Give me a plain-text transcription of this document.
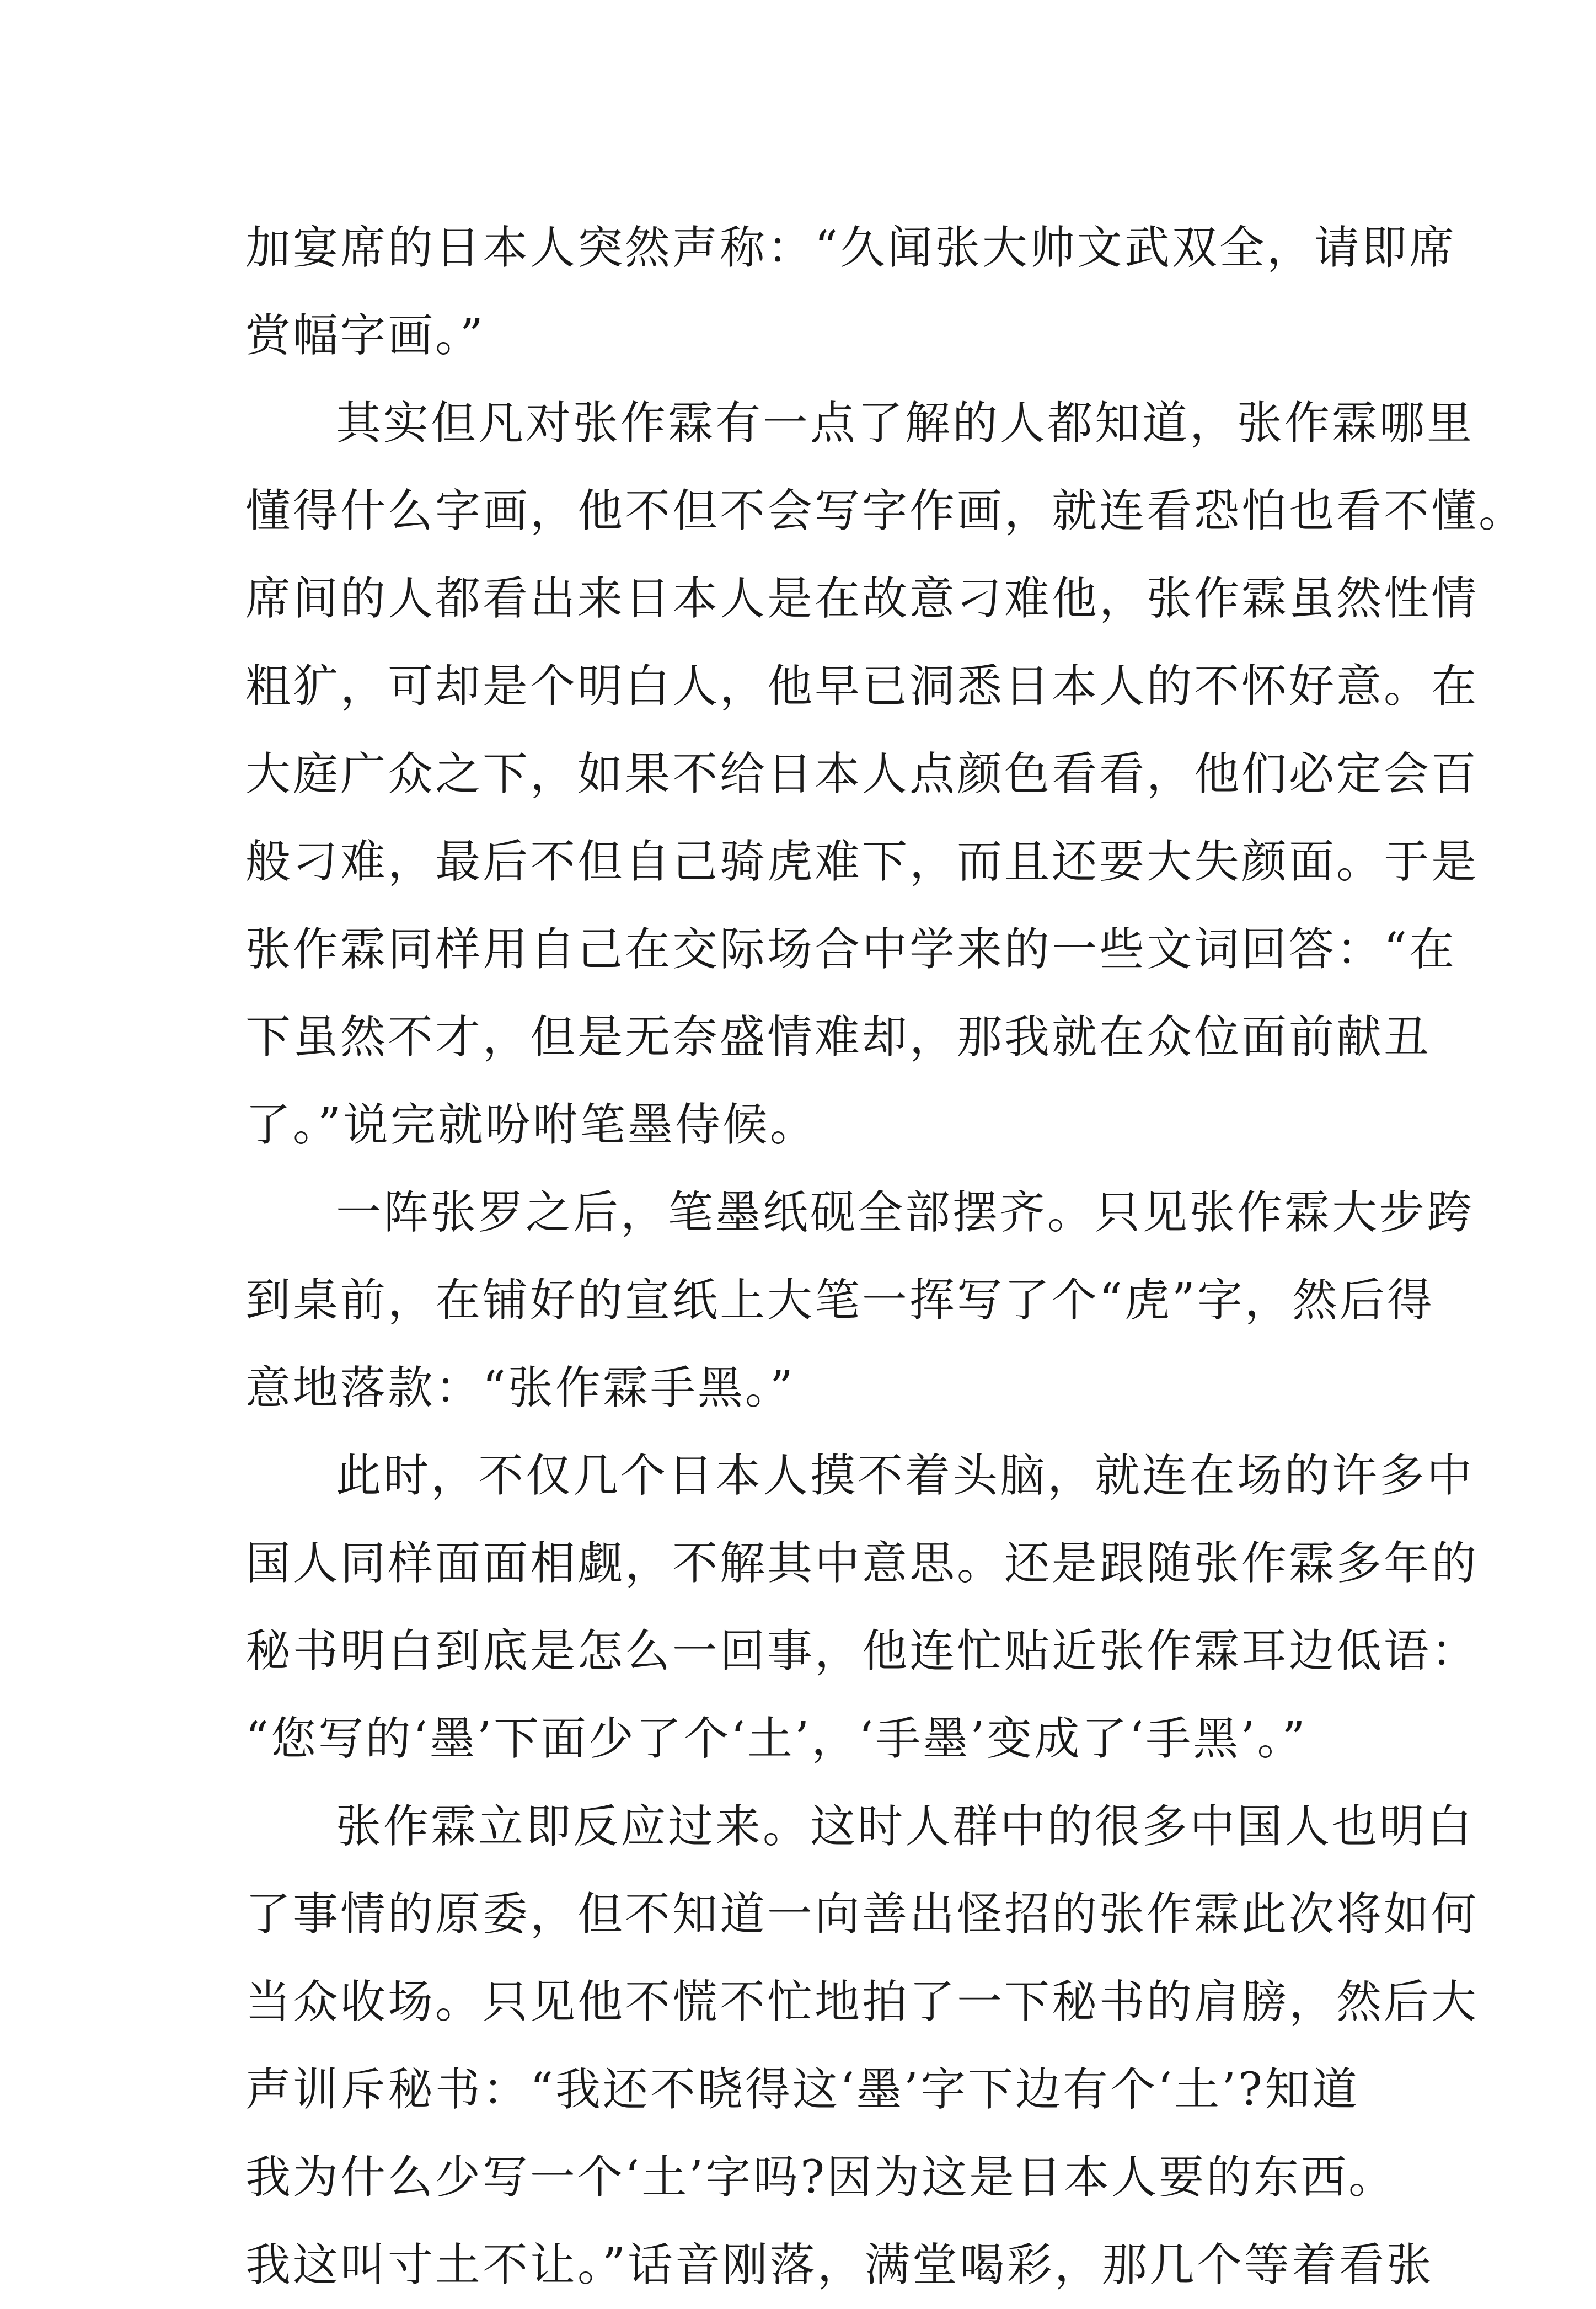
加宴席的日本人突然声称：“久闻张大帅文武双全，请即席
赏幅字画。”
其实但凡对张作霖有一点了解的人都知道，张作霖哪里
懂得什么字画，他不但不会写字作画，就连看恐怕也看不懂。
席间的人都看出来日本人是在故意刁难他，张作霖虽然性情
粗犷，可却是个明白人，他早已洞悉日本人的不怀好意。在
大庭广众之下，如果不给日本人点颜色看看，他们必定会百
般刁难，最后不但自己骑虎难下，而且还要大失颜面。于是
张作霖同样用自己在交际场合中学来的一些文词回答：“在
下虽然不才，但是无奈盛情难却，那我就在众位面前献丑
了。”说完就吩咐笔墨侍候。
一阵张罗之后，笔墨纸砚全部摆齐。只见张作霖大步跨
到桌前，在铺好的宣纸上大笔一挥写了个“虎”字，然后得
意地落款：“张作霖手黑。”
此时，不仅几个日本人摸不着头脑，就连在场的许多中
国人同样面面相觑，不解其中意思。还是跟随张作霖多年的
秘书明白到底是怎么一回事，他连忙贴近张作霖耳边低语：
“您写的‘墨’下面少了个‘土’，‘手墨’变成了‘手黑’。”
张作霖立即反应过来。这时人群中的很多中国人也明白
了事情的原委，但不知道一向善出怪招的张作霖此次将如何
当众收场。只见他不慌不忙地拍了一下秘书的肩膀，然后大
声训斥秘书：“我还不晓得这‘墨’字下边有个‘土’?知道
我为什么少写一个‘土’字吗?因为这是日本人要的东西。
我这叫寸土不让。”话音刚落，满堂喝彩，那几个等着看张
